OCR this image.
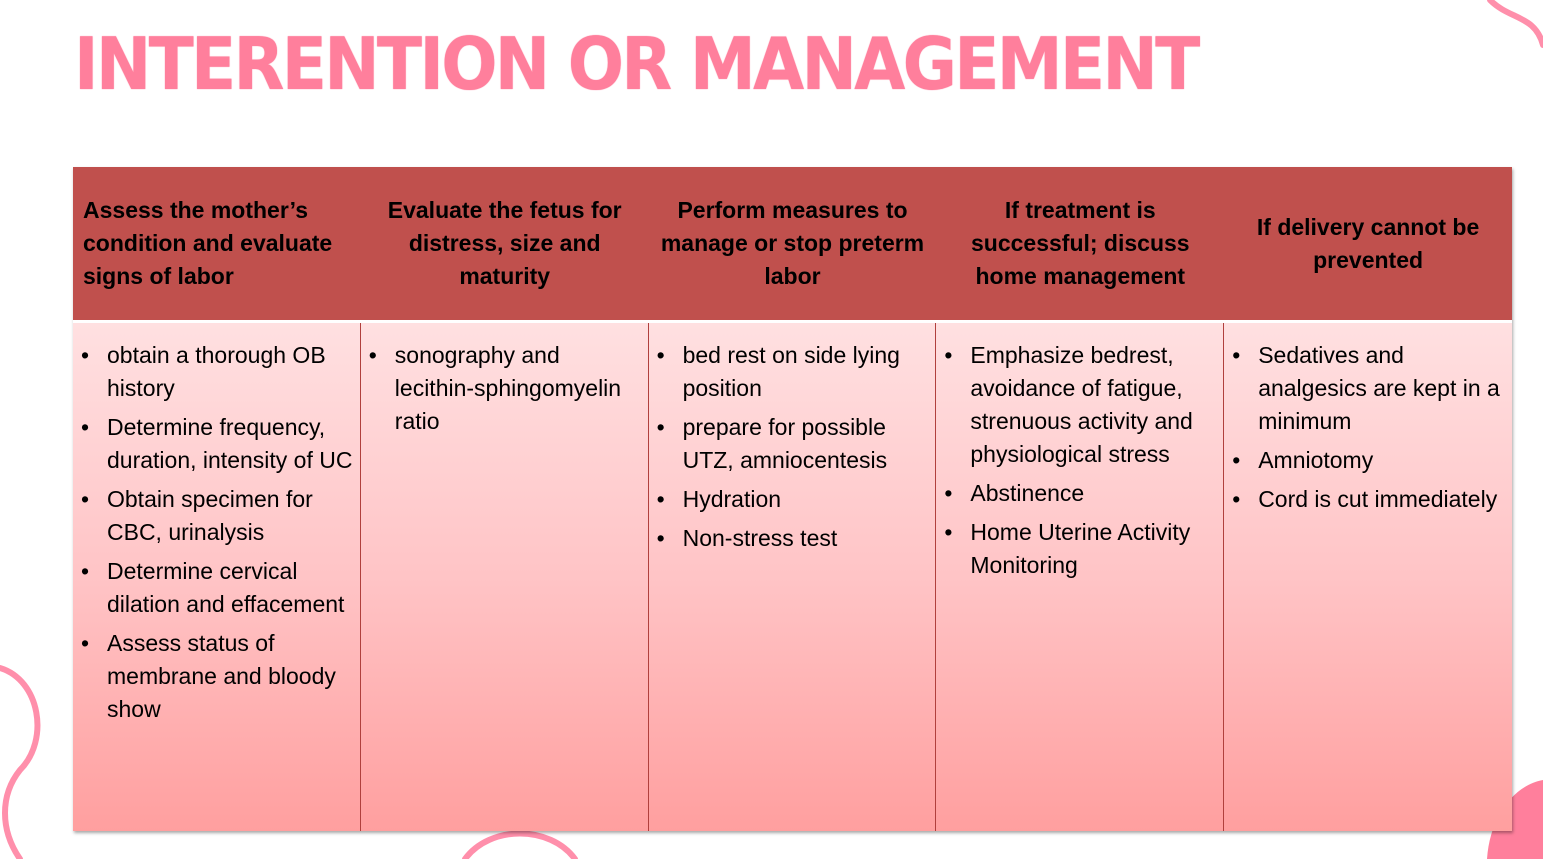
INTERENTION OR MANAGEMENT
Assess the mother’s condition and evaluate signs of labor
Evaluate the fetus for distress, size and maturity
Perform measures to manage or stop preterm labor
If treatment is successful; discuss home management
If delivery cannot be prevented
• obtain a thorough OB history
• Determine frequency, duration, intensity of UC
• Obtain specimen for CBC, urinalysis
• Determine cervical dilation and effacement
• Assess status of membrane and bloody show
• sonography and lecithin-sphingomyelin ratio
• bed rest on side lying position
• prepare for possible UTZ, amniocentesis
• Hydration
• Non-stress test
• Emphasize bedrest, avoidance of fatigue, strenuous activity and physiological stress
• Abstinence
• Home Uterine Activity Monitoring
• Sedatives and analgesics are kept in a minimum
• Amniotomy
• Cord is cut immediately
